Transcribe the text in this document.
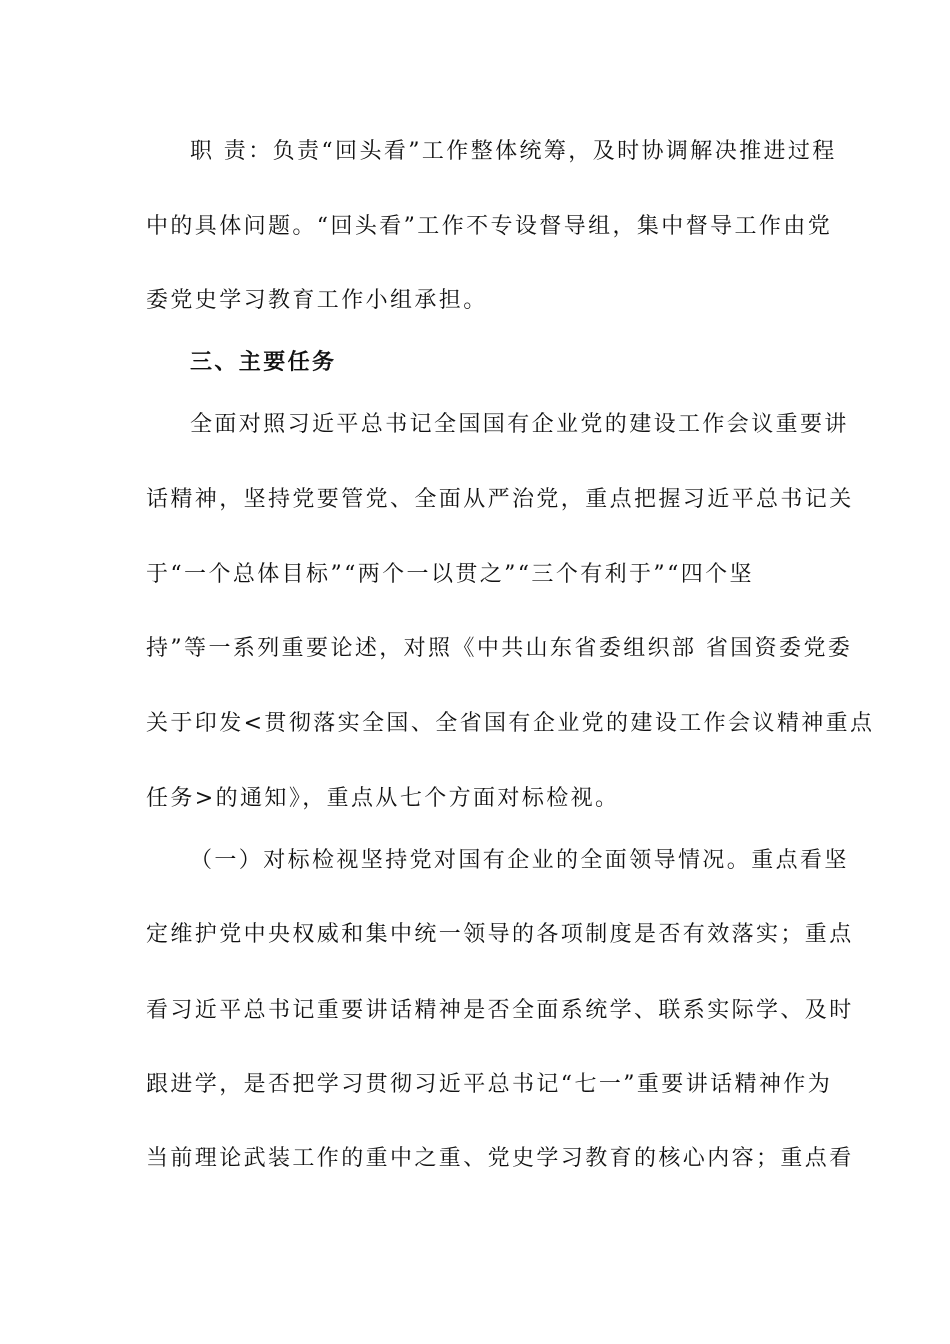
职 责：负责“回头看”工作整体统筹，及时协调解决推进过程
中的具体问题。“回头看”工作不专设督导组，集中督导工作由党
委党史学习教育工作小组承担。
三、主要任务
全面对照习近平总书记全国国有企业党的建设工作会议重要讲
话精神，坚持党要管党、全面从严治党，重点把握习近平总书记关
于“一个总体目标”“两个一以贯之”“三个有利于”“四个坚
持”等一系列重要论述，对照《中共山东省委组织部 省国资委党委
关于印发<贯彻落实全国、全省国有企业党的建设工作会议精神重点
任务>的通知》，重点从七个方面对标检视。
（一）对标检视坚持党对国有企业的全面领导情况。重点看坚
定维护党中央权威和集中统一领导的各项制度是否有效落实；重点
看习近平总书记重要讲话精神是否全面系统学、联系实际学、及时
跟进学，是否把学习贯彻习近平总书记“七一”重要讲话精神作为
当前理论武装工作的重中之重、党史学习教育的核心内容；重点看
